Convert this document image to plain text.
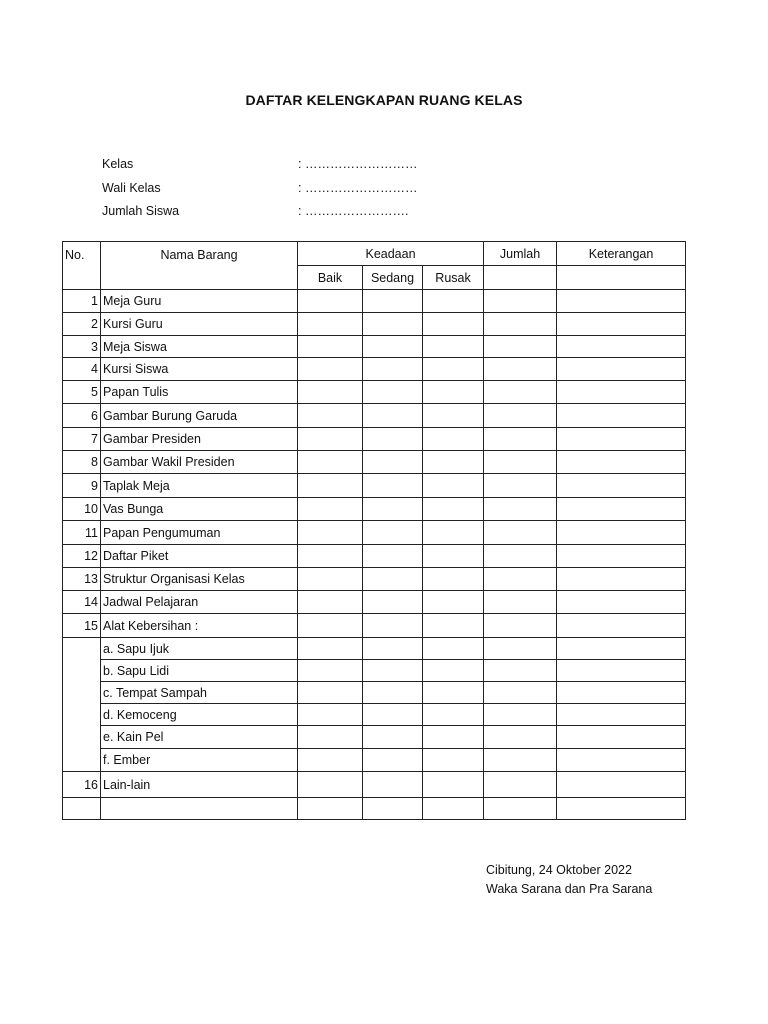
DAFTAR KELENGKAPAN RUANG KELAS
Kelas	: ………………………
Wali Kelas	: ………………………
Jumlah Siswa	: …………………….
No.	Nama Barang	Keadaan			Jumlah	Keterangan
		Baik	Sedang	Rusak		
1	Meja Guru					
2	Kursi Guru					
3	Meja Siswa					
4	Kursi Siswa					
5	Papan Tulis					
6	Gambar Burung Garuda					
7	Gambar Presiden					
8	Gambar Wakil Presiden					
9	Taplak Meja					
10	Vas Bunga					
11	Papan Pengumuman					
12	Daftar Piket					
13	Struktur Organisasi Kelas					
14	Jadwal Pelajaran					
15	Alat Kebersihan :					
	a. Sapu Ijuk					
	b. Sapu Lidi					
	c. Tempat Sampah					
	d. Kemoceng					
	e. Kain Pel					
	f. Ember					
16	Lain-lain					

Cibitung, 24 Oktober 2022
Waka Sarana dan Pra Sarana
